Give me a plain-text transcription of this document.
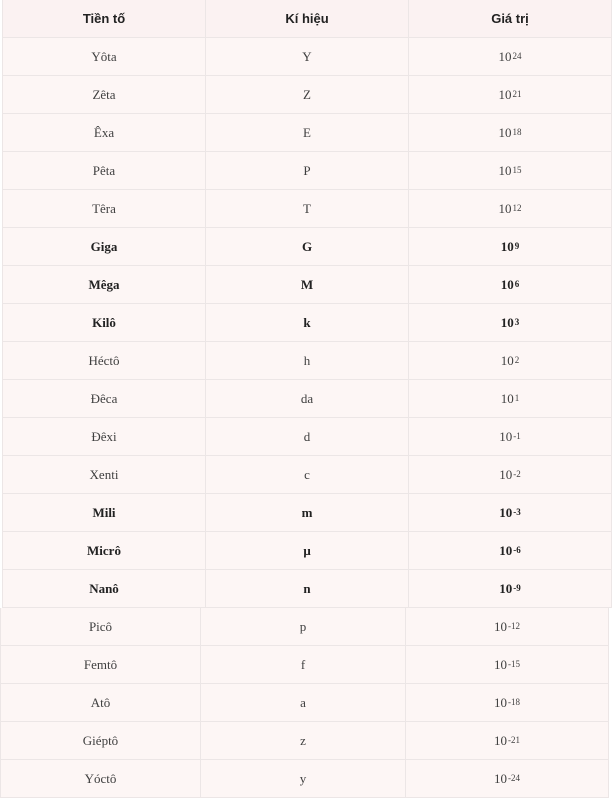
Tiền tố	Kí hiệu	Giá trị
Yôta	Y	$10^{24}$
Zêta	Z	$10^{21}$
Êxa	E	$10^{18}$
Pêta	P	$10^{15}$
Têra	T	$10^{12}$
Giga	G	$10^9$
Mêga	M	$10^6$
Kilô	k	$10^3$
Héctô	h	$10^2$
Đêca	da	$10^1$
Đêxi	d	$10^{-1}$
Xenti	c	$10^{-2}$
Mili	m	$10^{-3}$
Micrô	μ	$10^{-6}$
Nanô	n	$10^{-9}$
Picô	p	$10^{-12}$
Femtô	f	$10^{-15}$
Atô	a	$10^{-18}$
Giéptô	z	$10^{-21}$
Yóctô	y	$10^{-24}$
